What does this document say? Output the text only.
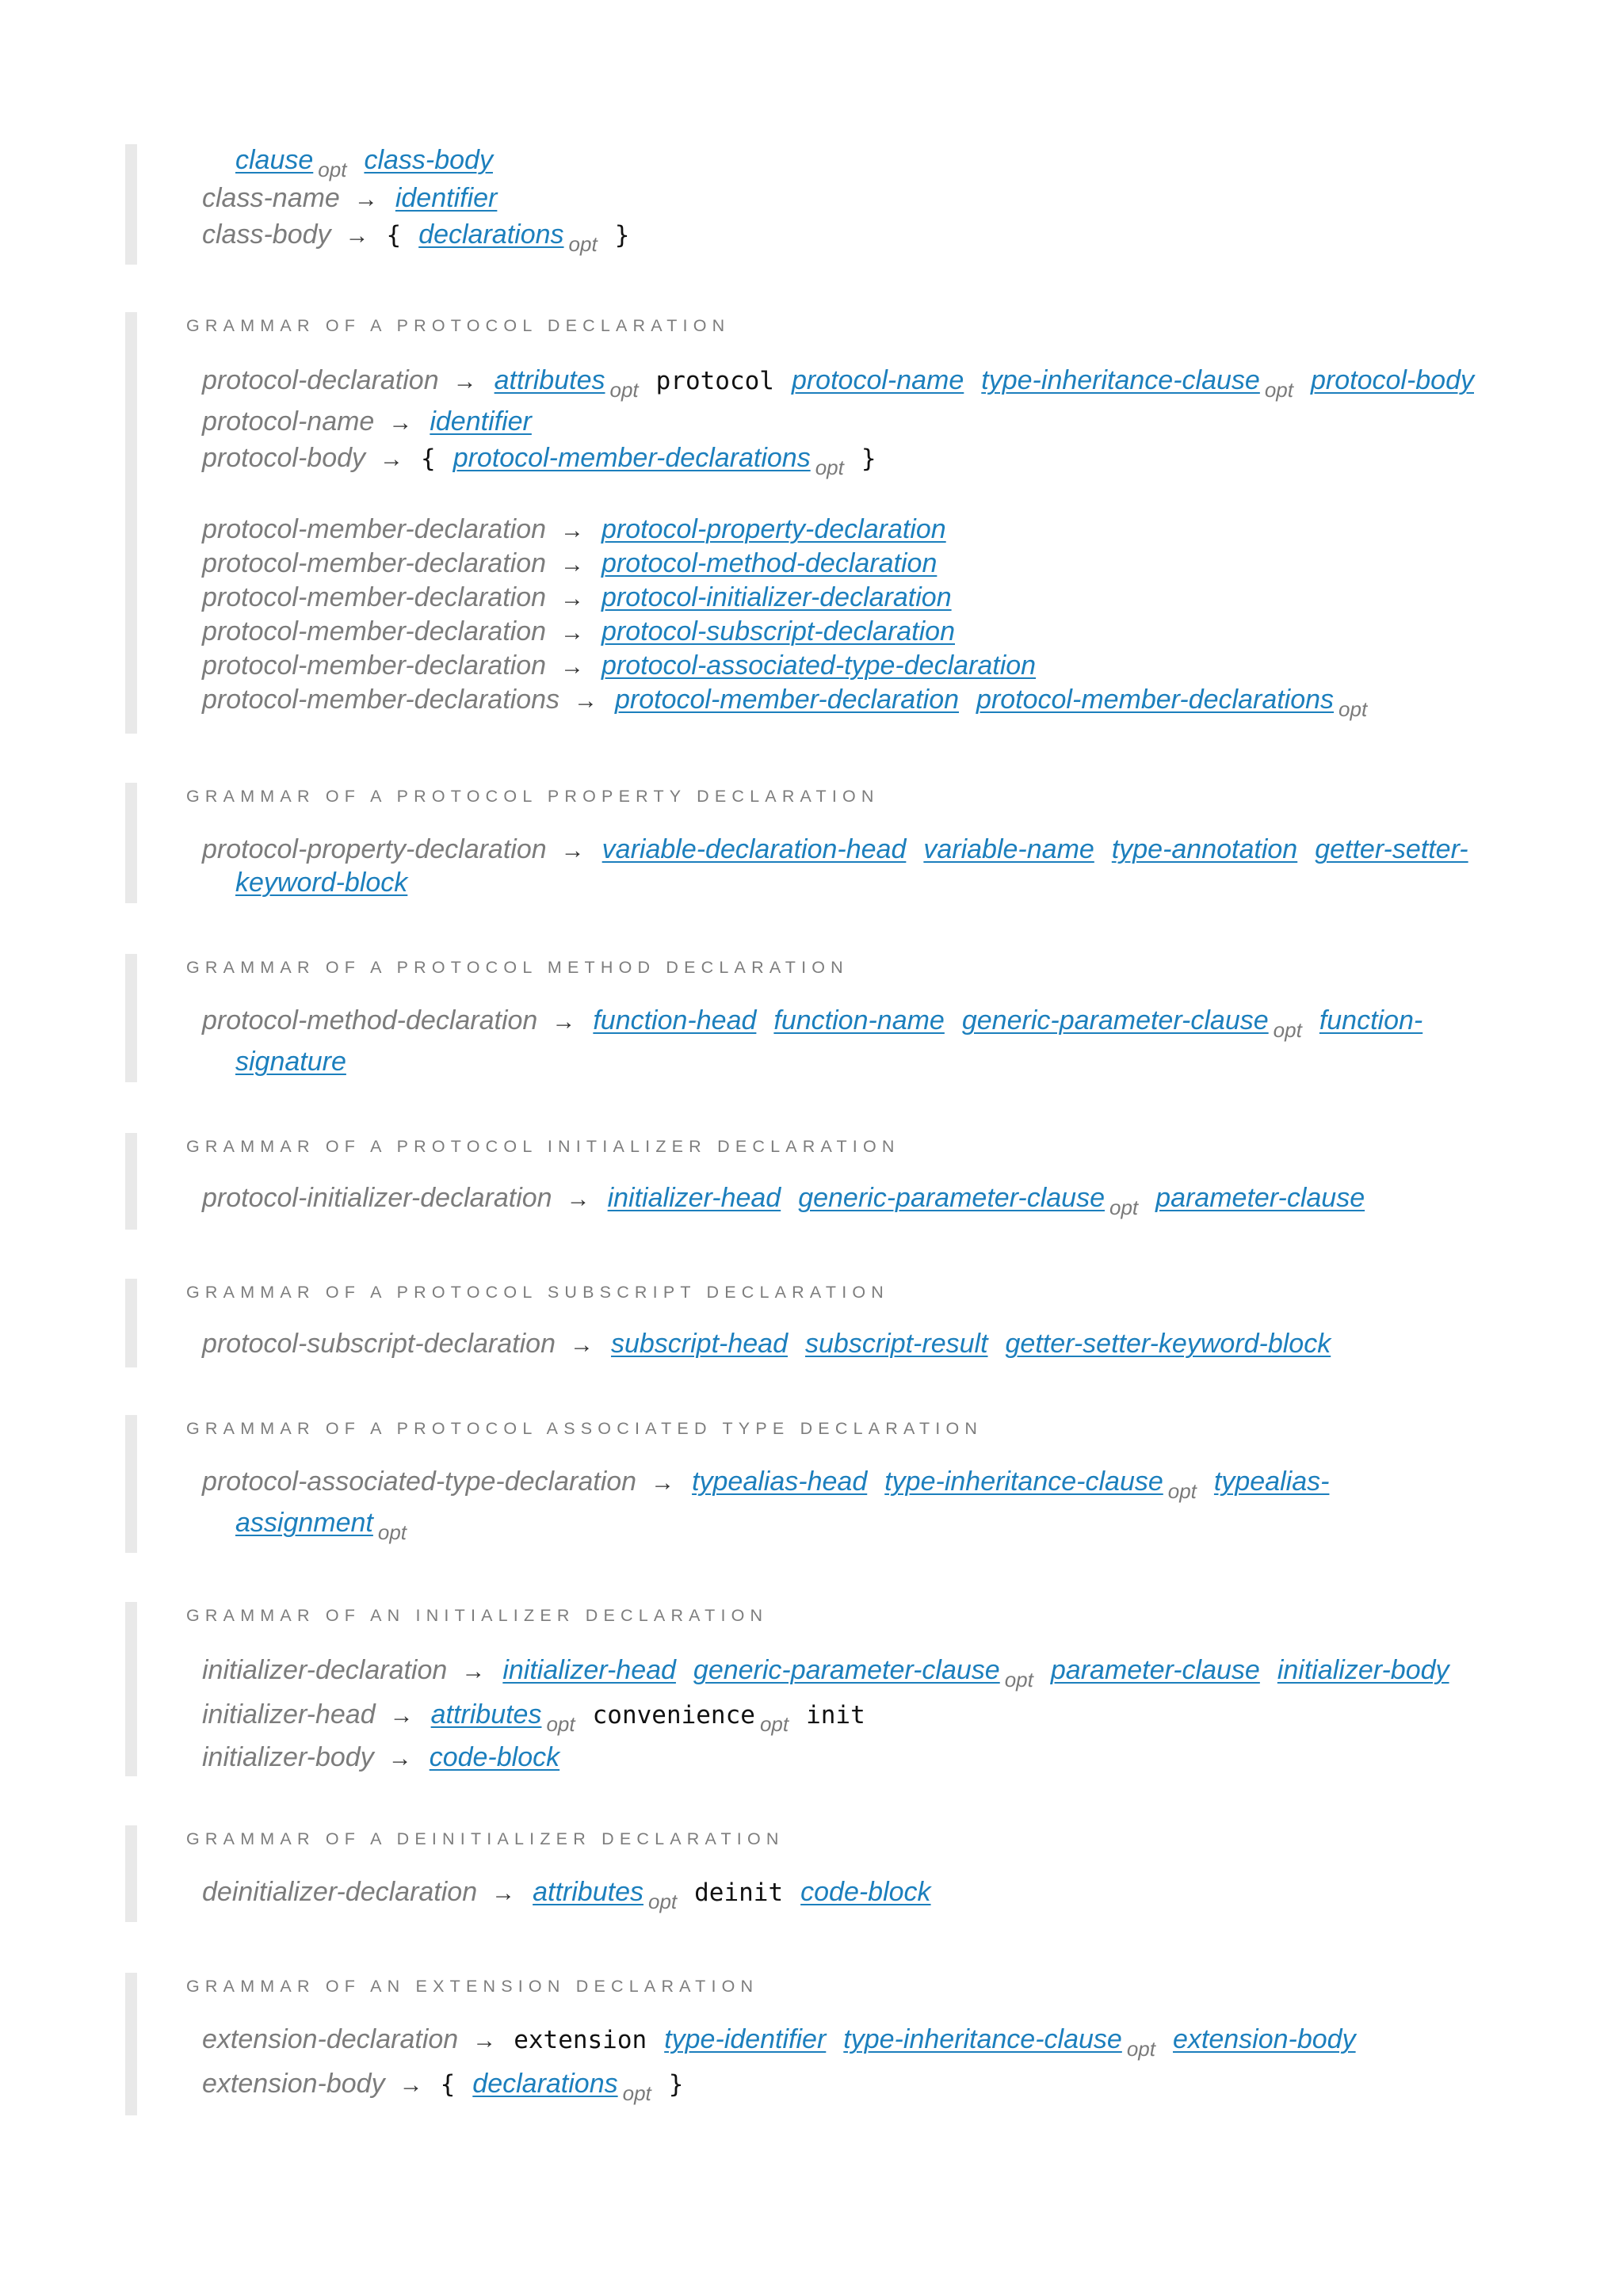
clause $_{opt}$ class-body
class-name → identifier
class-body → { declarations $_{opt}$ }
GRAMMAR OF A PROTOCOL DECLARATION
protocol-declaration → attributes $_{opt}$ protocol protocol-name type-inheritance-clause $_{opt}$ protocol-body
protocol-name → identifier
protocol-body → { protocol-member-declarations $_{opt}$ }
protocol-member-declaration → protocol-property-declaration
protocol-member-declaration → protocol-method-declaration
protocol-member-declaration → protocol-initializer-declaration
protocol-member-declaration → protocol-subscript-declaration
protocol-member-declaration → protocol-associated-type-declaration
protocol-member-declarations → protocol-member-declaration protocol-member-declarations $_{opt}$
GRAMMAR OF A PROTOCOL PROPERTY DECLARATION
protocol-property-declaration → variable-declaration-head variable-name type-annotation getter-setter-
keyword-block
GRAMMAR OF A PROTOCOL METHOD DECLARATION
protocol-method-declaration → function-head function-name generic-parameter-clause $_{opt}$ function-
signature
GRAMMAR OF A PROTOCOL INITIALIZER DECLARATION
protocol-initializer-declaration → initializer-head generic-parameter-clause $_{opt}$ parameter-clause
GRAMMAR OF A PROTOCOL SUBSCRIPT DECLARATION
protocol-subscript-declaration → subscript-head subscript-result getter-setter-keyword-block
GRAMMAR OF A PROTOCOL ASSOCIATED TYPE DECLARATION
protocol-associated-type-declaration → typealias-head type-inheritance-clause $_{opt}$ typealias-
assignment $_{opt}$
GRAMMAR OF AN INITIALIZER DECLARATION
initializer-declaration → initializer-head generic-parameter-clause $_{opt}$ parameter-clause initializer-body
initializer-head → attributes $_{opt}$ convenience $_{opt}$ init
initializer-body → code-block
GRAMMAR OF A DEINITIALIZER DECLARATION
deinitializer-declaration → attributes $_{opt}$ deinit code-block
GRAMMAR OF AN EXTENSION DECLARATION
extension-declaration → extension type-identifier type-inheritance-clause $_{opt}$ extension-body
extension-body → { declarations $_{opt}$ }
